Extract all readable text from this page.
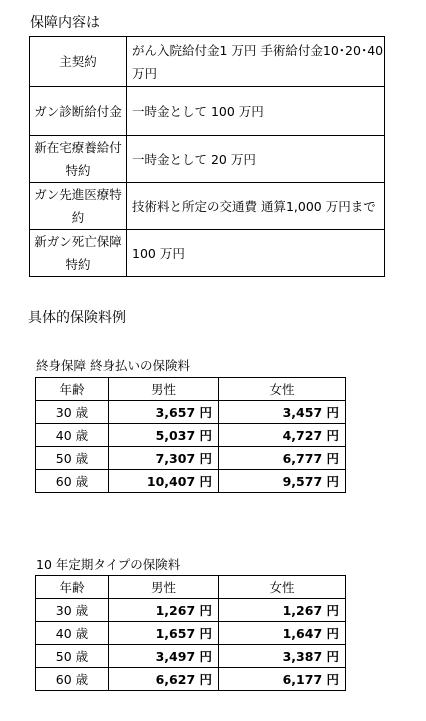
保障内容は
主契約	がん入院給付金1 万円 手術給付金10･20･40 万円
ガン診断給付金	一時金として 100 万円
新在宅療養給付特約	一時金として 20 万円
ガン先進医療特約	技術料と所定の交通費 通算1,000 万円まで
新ガン死亡保障特約	100 万円
具体的保険料例
終身保障 終身払いの保険料
年齢	男性	女性
30 歳	3,657 円	3,457 円
40 歳	5,037 円	4,727 円
50 歳	7,307 円	6,777 円
60 歳	10,407 円	9,577 円
10 年定期タイプの保険料
年齢	男性	女性
30 歳	1,267 円	1,267 円
40 歳	1,657 円	1,647 円
50 歳	3,497 円	3,387 円
60 歳	6,627 円	6,177 円
